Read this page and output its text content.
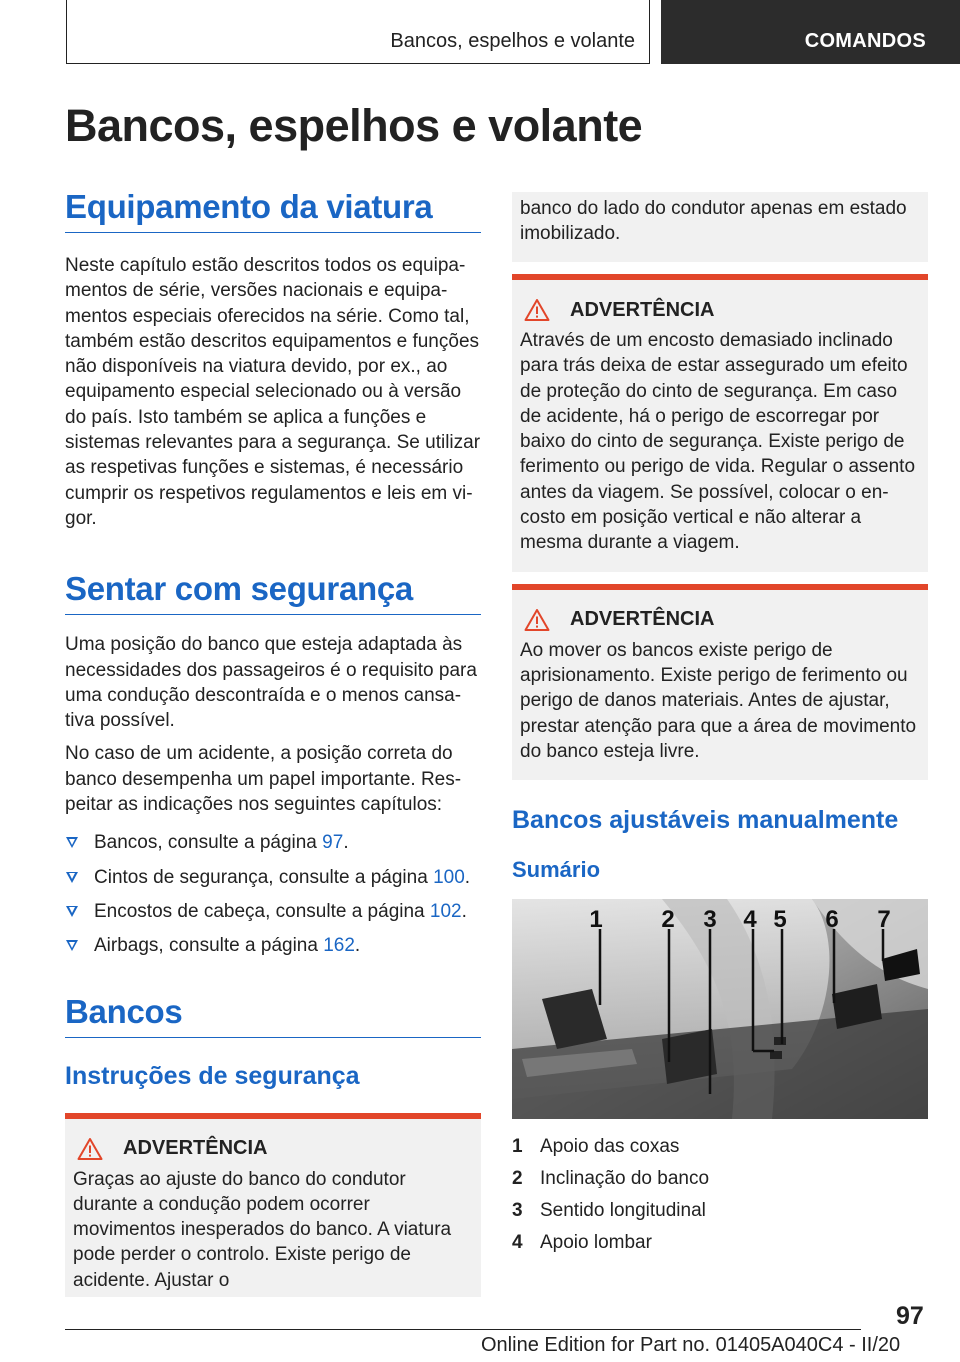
Bancos, espelhos e volante	COMANDOS
Bancos, espelhos e volante
Equipamento da viatura

Neste capítulo estão descritos todos os equipamentos de série, versões nacionais e equipamentos especiais oferecidos na série. Como tal, também estão descritos equipamentos e funções não disponíveis na viatura devido, por ex., ao equipamento especial selecionado ou à versão do país. Isto também se aplica a funções e sistemas relevantes para a segurança. Se utilizar as respetivas funções e sistemas, é necessário cumprir os respetivos regulamentos e leis em vigor.

Sentar com segurança

Uma posição do banco que esteja adaptada às necessidades dos passageiros é o requisito para uma condução descontraída e o menos cansativa possível.

No caso de um acidente, a posição correta do banco desempenha um papel importante. Respeitar as indicações nos seguintes capítulos:

Bancos, consulte a página 97.
Cintos de segurança, consulte a página 100.
Encostos de cabeça, consulte a página 102.
Airbags, consulte a página 162.
Bancos
Instruções de segurança
ADVERTÊNCIA

Graças ao ajuste do banco do condutor durante a condução podem ocorrer movimentos inesperados do banco. A viatura pode perder o controlo. Existe perigo de acidente. Ajustar o

banco do lado do condutor apenas em estado imobilizado.

ADVERTÊNCIA

Através de um encosto demasiado inclinado para trás deixa de estar assegurado um efeito de proteção do cinto de segurança. Em caso de acidente, há o perigo de escorregar por baixo do cinto de segurança. Existe perigo de ferimento ou perigo de vida. Regular o assento antes da viagem. Se possível, colocar o encosto em posição vertical e não alterar a mesma durante a viagem.

ADVERTÊNCIA

Ao mover os bancos existe perigo de aprisionamento. Existe perigo de ferimento ou perigo de danos materiais. Antes de ajustar, prestar atenção para que a área de movimento do banco esteja livre.

Bancos ajustáveis manualmente
Sumário
1 2 3 4 5 6 7
1 Apoio das coxas
2 Inclinação do banco
3 Sentido longitudinal
4 Apoio lombar
97
Online Edition for Part no. 01405A040C4 - II/20
